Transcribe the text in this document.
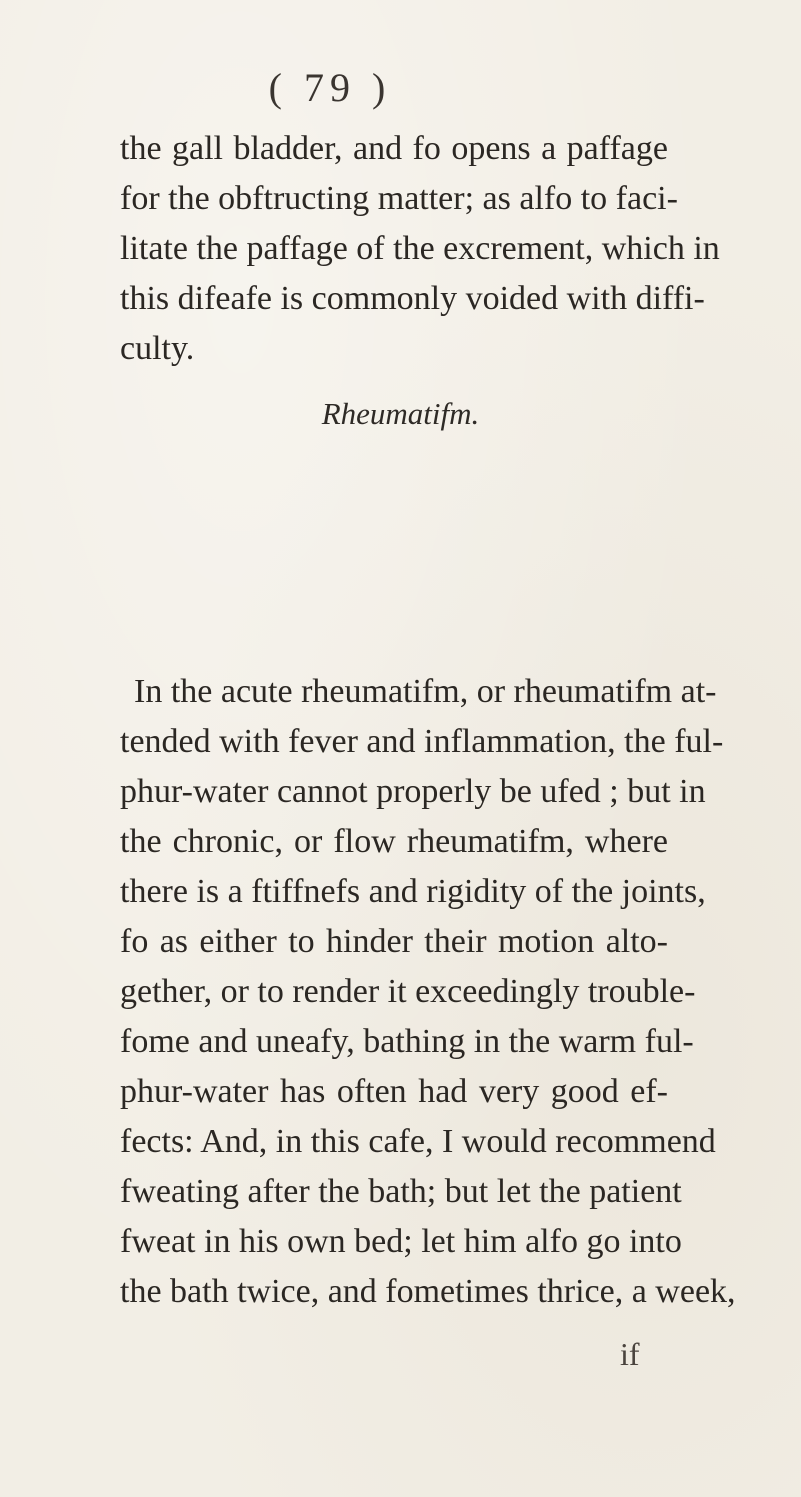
( 79 )
the gall bladder, and fo opens a paffage
for the obftructing matter; as alfo to faci-
litate the paffage of the excrement, which in
this difeafe is commonly voided with diffi-
culty.
Rheumatifm.
In the acute rheumatifm, or rheumatifm at-
tended with fever and inflammation, the ful-
phur-water cannot properly be ufed ; but in
the chronic, or flow rheumatifm, where
there is a ftiffnefs and rigidity of the joints,
fo as either to hinder their motion alto-
gether, or to render it exceedingly trouble-
fome and uneafy, bathing in the warm ful-
phur-water has often had very good ef-
fects: And, in this cafe, I would recommend
fweating after the bath; but let the patient
fweat in his own bed; let him alfo go into
the bath twice, and fometimes thrice, a week,
if
